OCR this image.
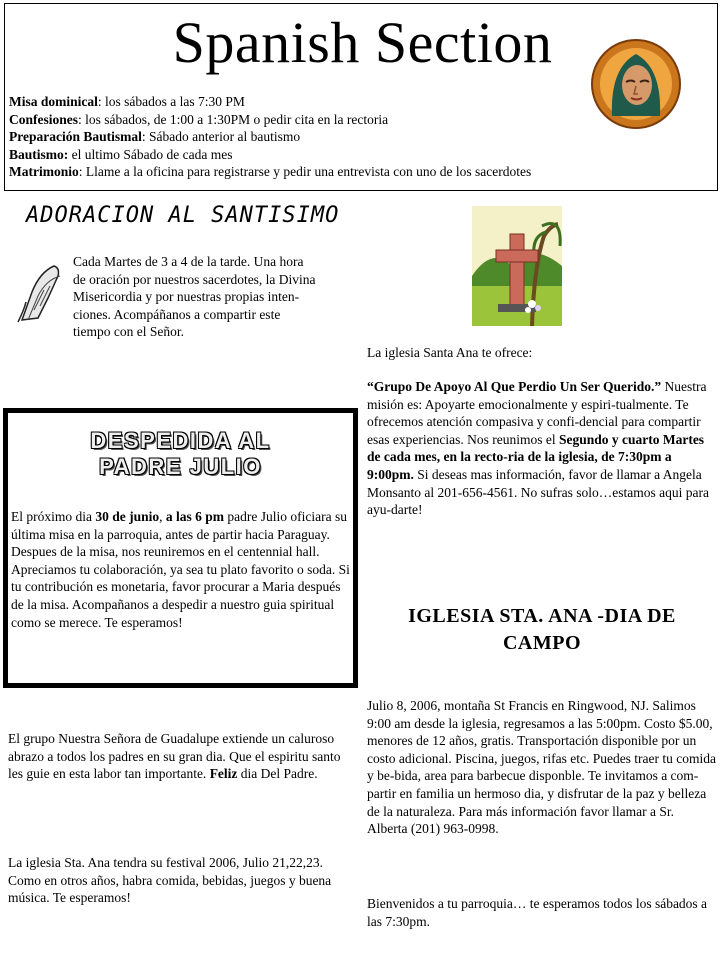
Spanish Section
Misa dominical: los sábados a las 7:30 PM
Confesiones: los sábados, de 1:00 a 1:30PM o pedir cita en la rectoria
Preparación Bautismal: Sábado anterior al bautismo
Bautismo: el ultimo Sábado de cada mes
Matrimonio: Llame a la oficina para registrarse y pedir una entrevista con uno de los sacerdotes
ADORACION AL SANTISIMO
Cada Martes de 3 a 4 de la tarde. Una hora
de oración por nuestros sacerdotes, la Divina
Misericordia y por nuestras propias inten-
ciones. Acompáñanos a compartir este
tiempo con el Señor.
DESPEDIDA AL
PADRE JULIO
El próximo dia 30 de junio, a las 6 pm padre Julio oficiara su última misa en la parroquia, antes de partir hacia Paraguay. Despues de la misa, nos reuniremos en el centennial hall. Apreciamos tu colaboración, ya sea tu plato favorito o soda. Si tu contribución es monetaria, favor procurar a Maria después de la misa. Acompañanos a despedir a nuestro guia spiritual como se merece. Te esperamos!
El grupo Nuestra Señora de Guadalupe extiende un caluroso abrazo a todos los padres en su gran dia. Que el espiritu santo les guie en esta labor tan importante. Feliz dia Del Padre.
La iglesia Sta. Ana tendra su festival 2006, Julio 21,22,23. Como en otros años, habra comida, bebidas, juegos y buena música. Te esperamos!
La iglesia Santa Ana te ofrece:
“Grupo De Apoyo Al Que Perdio Un Ser Querido.” Nuestra misión es: Apoyarte emocionalmente y espiri-tualmente. Te ofrecemos atención compasiva y confi-dencial para compartir esas experiencias. Nos reunimos el Segundo y cuarto Martes de cada mes, en la recto-ria de la iglesia, de 7:30pm a 9:00pm. Si deseas mas información, favor de llamar a Angela Monsanto al 201-656-4561. No sufras solo…estamos aqui para ayu-darte!
IGLESIA STA. ANA -DIA DE
CAMPO
Julio 8, 2006, montaña St Francis en Ringwood, NJ. Salimos 9:00 am desde la iglesia, regresamos a las 5:00pm. Costo $5.00, menores de 12 años, gratis. Transportación disponible por un costo adicional. Piscina, juegos, rifas etc. Puedes traer tu comida y be-bida, area para barbecue disponble. Te invitamos a com-partir en familia un hermoso dia, y disfrutar de la paz y belleza de la naturaleza. Para más información favor llamar a Sr. Alberta (201) 963-0998.
Bienvenidos a tu parroquia… te esperamos todos los sábados a las 7:30pm.
